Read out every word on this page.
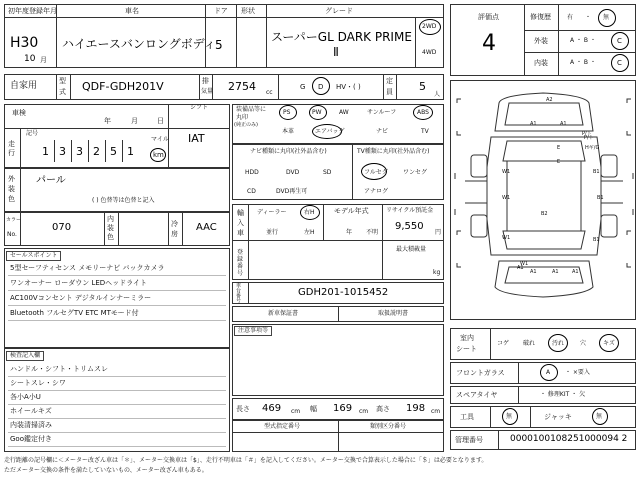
初年度登録年月	車名	ドア 形状	グレード
H30
10 月
ハイエースバンロングボディ 5
スーパーGL DARK PRIME
Ⅱ
2WD
4WD
自家用	型
式 QDF-GDH201V	排
気量 2754 cc
G D HV・( )
定
員 5
人
車検
年	月	日
シフト
IAT
走
行
記号
1 3 3 2 5 1
マイル
km
外
装
色
パール
( ) 色替等は色替と記入
カラー
No.
070
内
装
色
冷
房
AAC
セールスポイント
5型セーフティセンス メモリーナビ バックカメラ
ワンオーナー ローダウン LEDヘッドライト
AC100Vコンセント デジタルインナーミラー
Bluetooth フルセグTV ETC MTモード付
検査記入欄
ハンドル・シフト・トリムスレ
シートスレ・シワ
各小A小U
ホイールキズ
内装清掃済み
Goo鑑定付き
装備品等に
丸印
(純正のみ)
PS	PW	AW	サンルーフ	ABS
本革	エアバッグ	ナビ	TV
ナビ種類に丸印(社外品含む)
HDD	DVD	SD
CD	DVD再生可
TV種類に丸印(社外品含む)
フルセグ	ワンセグ
アナログ
輸
入
車
ディーラー	右H
並行	左H
モデル年式
年 不明
リサイクル預託金
9,550
円
登
録
番
号
最大積載量
kg
車
台
番
号
GDH201-1015452
新車保証書	取扱説明書
注意事項等
長さ 469 cm 幅 169 cm 高さ 198 cm
型式指定番号	類別区分番号
評価点
4
修復歴	有 ・ 無
外装	A ・ B ・	C
内装	A ・ B ・	C
A2
A1	A1
P/ト
P/ト
E
E
Hギ/G
W1
W1
B1
B1
W1
B2
B1
A1
W1
A1	A1	A1
室内
シート
コゲ 破れ	汚れ	穴	キズ
フロントガラス	A ・ ×要入
スペアタイヤ	・ 修理KIT ・ 欠
工具	無	ジャッキ	無
管理番号	0000100108251000094 2
走行距離の記号欄に＜メーター改ざん車は「＊」、メーター交換車は「$」、走行不明車は「＃」を記入してください。メーター交換で合算表示した場合に「＄」は必要となります。
ただメーター交換の条件を満たしていないもの、メーター改ざん車もある。
